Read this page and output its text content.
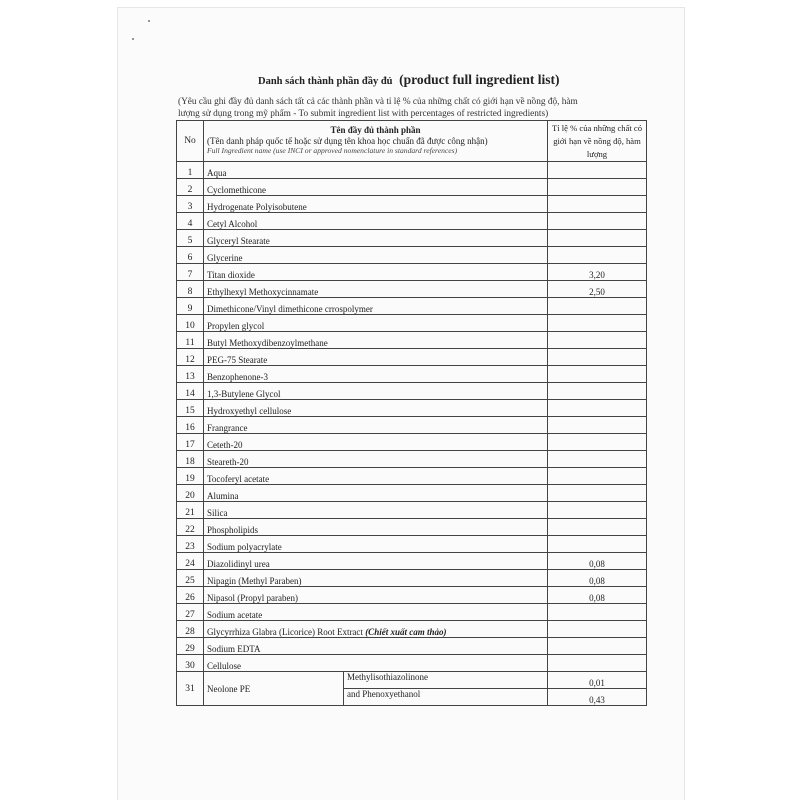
Danh sách thành phần đầy đủ (product full ingredient list)
(Yêu cầu ghi đầy đủ danh sách tất cả các thành phần và tỉ lệ % của những chất có giới hạn về nồng độ, hàm
lượng sử dụng trong mỹ phẩm - To submit ingredient list with percentages of restricted ingredients)
No	Tên đầy đủ thành phần
(Tên danh pháp quốc tế hoặc sử dụng tên khoa học chuẩn đã được công nhận)
Full Ingredient name (use INCI or approved nomenclature in standard references)		Tỉ lệ % của những chất có giới hạn về nồng độ, hàm lượng
1	Aqua		
2	Cyclomethicone		
3	Hydrogenate Polyisobutene		
4	Cetyl Alcohol		
5	Glyceryl Stearate		
6	Glycerine		
7	Titan dioxide		3,20
8	Ethylhexyl Methoxycinnamate		2,50
9	Dimethicone/Vinyl dimethicone crrospolymer		
10	Propylen glycol		
11	Butyl Methoxydibenzoylmethane		
12	PEG-75 Stearate		
13	Benzophenone-3		
14	1,3-Butylene Glycol		
15	Hydroxyethyl cellulose		
16	Frangrance		
17	Ceteth-20		
18	Steareth-20		
19	Tocoferyl acetate		
20	Alumina		
21	Silica		
22	Phospholipids		
23	Sodium polyacrylate		
24	Diazolidinyl urea		0,08
25	Nipagin (Methyl Paraben)		0,08
26	Nipasol (Propyl paraben)		0,08
27	Sodium acetate		
28	Glycyrrhiza Glabra (Licorice) Root Extract (Chiết xuất cam thảo)		
29	Sodium EDTA		
30	Cellulose		
31	Neolone PE	Methylisothiazolinone	0,01
		and Phenoxyethanol	0,43
